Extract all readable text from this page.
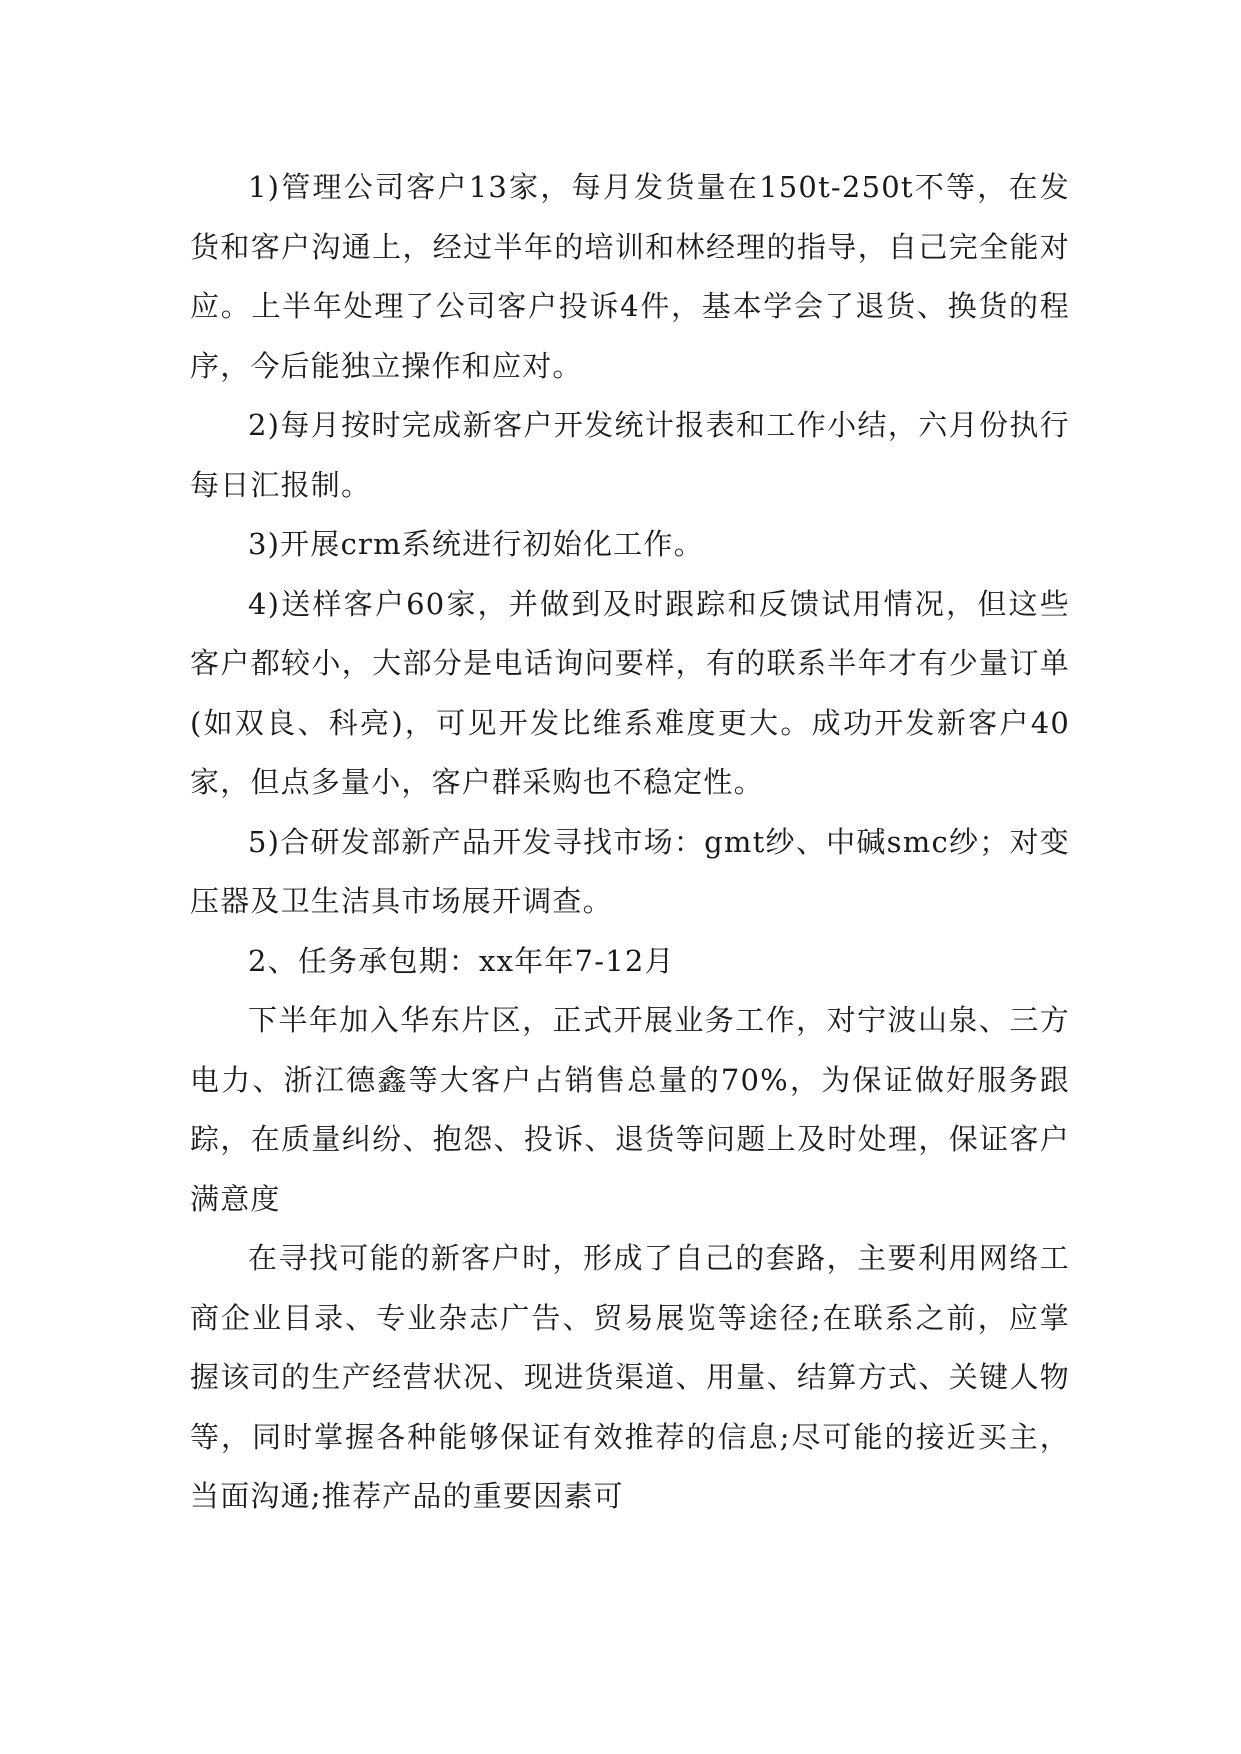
1)管理公司客户13家，每月发货量在150t-250t不等，在发货和客户沟通上，经过半年的培训和林经理的指导，自己完全能对应。上半年处理了公司客户投诉4件，基本学会了退货、换货的程序，今后能独立操作和应对。

2)每月按时完成新客户开发统计报表和工作小结，六月份执行每日汇报制。

3)开展crm系统进行初始化工作。

4)送样客户60家，并做到及时跟踪和反馈试用情况，但这些客户都较小，大部分是电话询问要样，有的联系半年才有少量订单(如双良、科亮)，可见开发比维系难度更大。成功开发新客户40家，但点多量小，客户群采购也不稳定性。

5)合研发部新产品开发寻找市场：gmt纱、中碱smc纱；对变压器及卫生洁具市场展开调查。

2、任务承包期：xx年年7-12月

下半年加入华东片区，正式开展业务工作，对宁波山泉、三方电力、浙江德鑫等大客户占销售总量的70%，为保证做好服务跟踪，在质量纠纷、抱怨、投诉、退货等问题上及时处理，保证客户满意度

在寻找可能的新客户时，形成了自己的套路，主要利用网络工商企业目录、专业杂志广告、贸易展览等途径;在联系之前，应掌握该司的生产经营状况、现进货渠道、用量、结算方式、关键人物等，同时掌握各种能够保证有效推荐的信息;尽可能的接近买主，当面沟通;推荐产品的重要因素可
